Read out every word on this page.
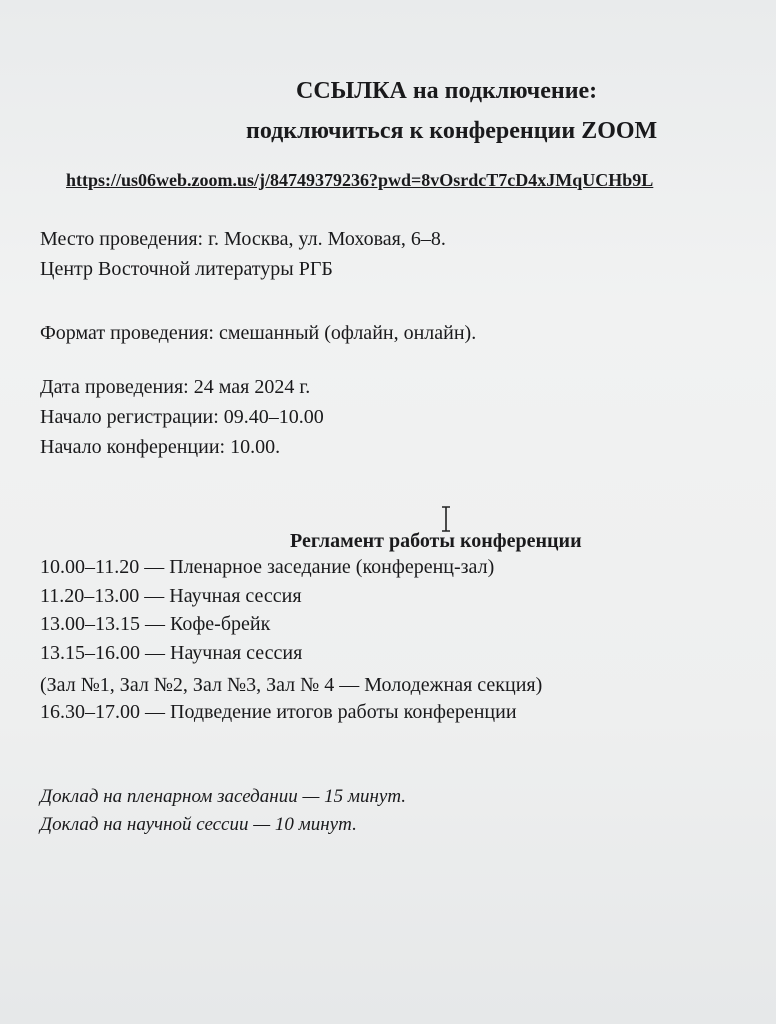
ССЫЛКА на подключение:
подключиться к конференции ZOOM
https://us06web.zoom.us/j/84749379236?pwd=8vOsrdcT7cD4xJMqUCHb9L
Место проведения: г. Москва, ул. Моховая, 6–8.
Центр Восточной литературы РГБ
Формат проведения: смешанный (офлайн, онлайн).
Дата проведения: 24 мая 2024 г.
Начало регистрации: 09.40–10.00
Начало конференции: 10.00.
Регламент работы конференции
10.00–11.20 — Пленарное заседание (конференц-зал)
11.20–13.00 — Научная сессия
13.00–13.15 — Кофе-брейк
13.15–16.00 — Научная сессия
(Зал №1, Зал №2, Зал №3, Зал № 4 — Молодежная секция)
16.30–17.00 — Подведение итогов работы конференции
Доклад на пленарном заседании — 15 минут.
Доклад на научной сессии — 10 минут.
